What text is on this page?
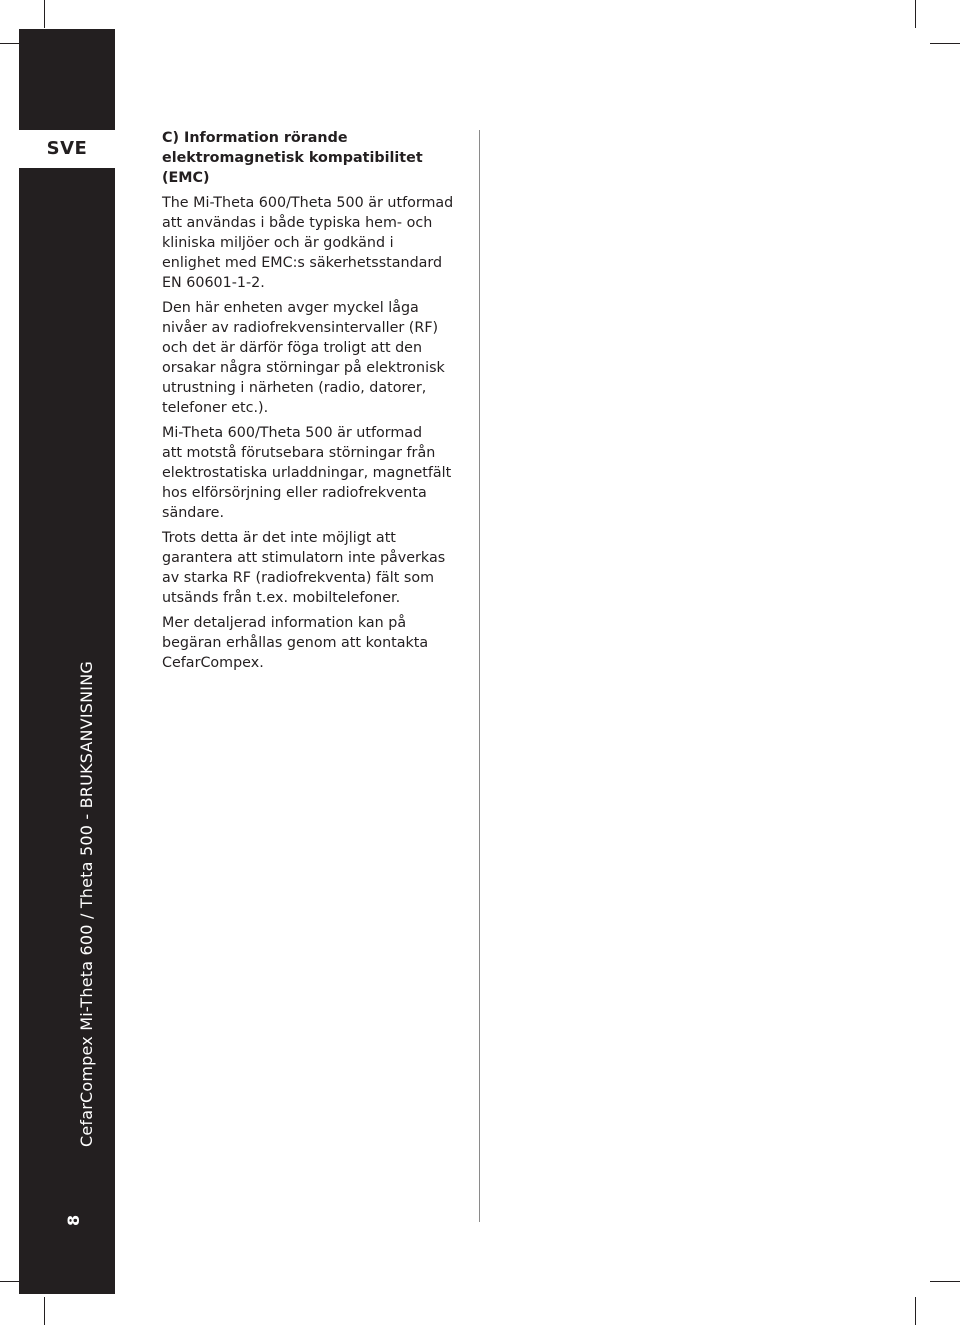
SVE
CefarCompex Mi-Theta 600 / Theta 500 - BRUKSANVISNING
8
C) Information rörande
elektromagnetisk kompatibilitet (EMC)

The Mi-Theta 600/Theta 500 är utformad
att användas i både typiska hem- och
kliniska miljöer och är godkänd i
enlighet med EMC:s säkerhetsstandard
EN 60601-1-2.

Den här enheten avger myckel låga
nivåer av radiofrekvensintervaller (RF)
och det är därför föga troligt att den
orsakar några störningar på elektronisk
utrustning i närheten (radio, datorer,
telefoner etc.).

Mi-Theta 600/Theta 500 är utformad
att motstå förutsebara störningar från
elektrostatiska urladdningar, magnetfält
hos elförsörjning eller radiofrekventa
sändare.

Trots detta är det inte möjligt att
garantera att stimulatorn inte påverkas
av starka RF (radiofrekventa) fält som
utsänds från t.ex. mobiltelefoner.

Mer detaljerad information kan på
begäran erhållas genom att kontakta
CefarCompex.
